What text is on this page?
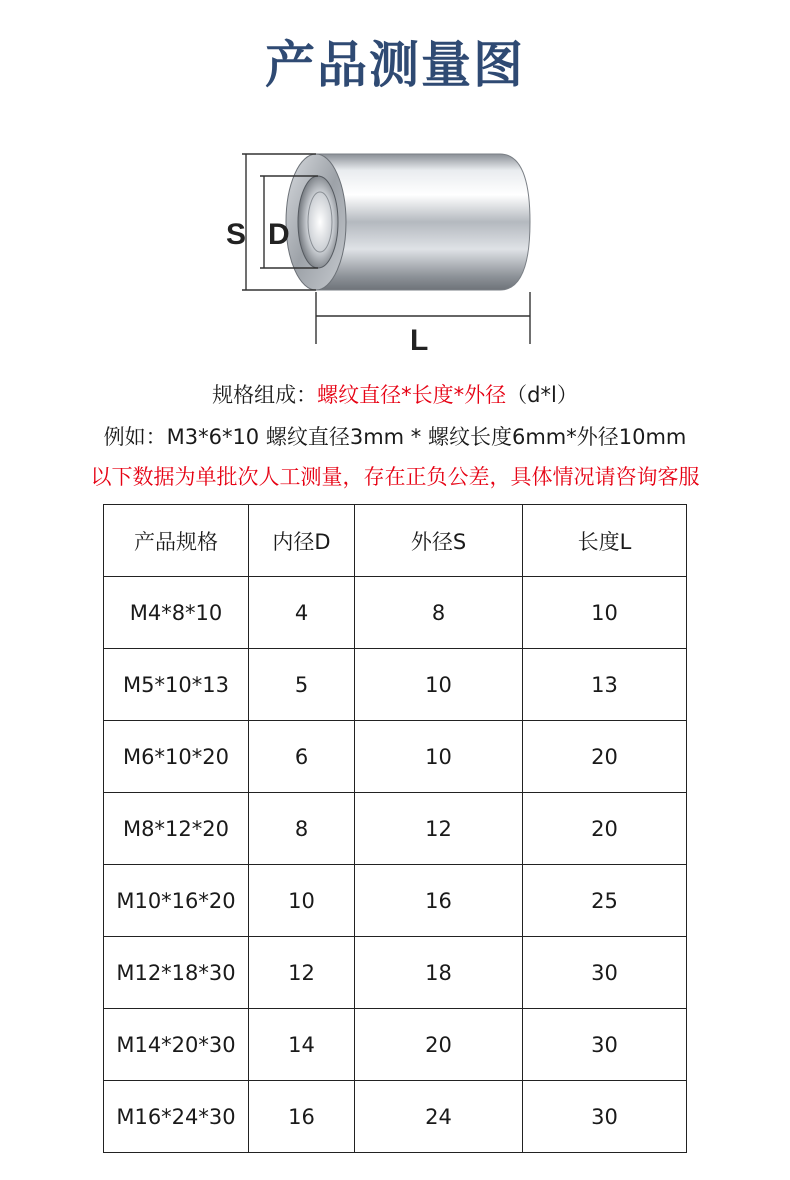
产品测量图
S D
L
规格组成：螺纹直径*长度*外径（d*l）
例如：M3*6*10 螺纹直径3mm * 螺纹长度6mm*外径10mm
以下数据为单批次人工测量，存在正负公差，具体情况请咨询客服
产品规格	内径D	外径S	长度L
M4*8*10	4	8	10
M5*10*13	5	10	13
M6*10*20	6	10	20
M8*12*20	8	12	20
M10*16*20	10	16	25
M12*18*30	12	18	30
M14*20*30	14	20	30
M16*24*30	16	24	30
